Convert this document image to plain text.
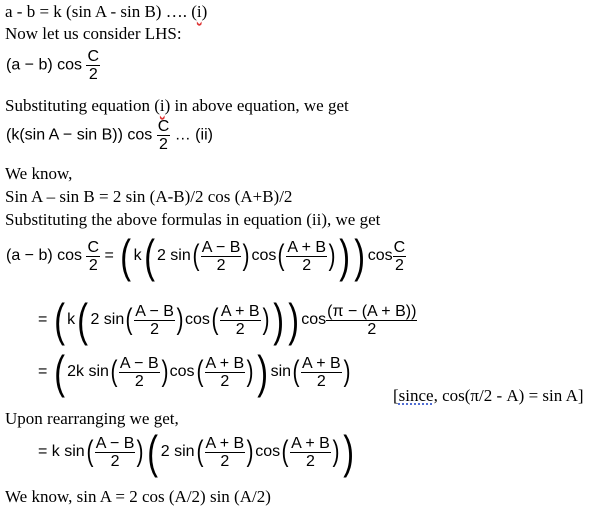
a - b = k (sin A - sin B) …. (i)
Now let us consider LHS:
(a − b) $\cos \frac{C}{2}$
Substituting equation (i) in above equation, we get
(k(sin A − sin B)) $\cos \frac{C}{2}$ … (ii)
We know,
Sin A – sin B = 2 sin (A-B)/2 cos (A+B)/2
Substituting the above formulas in equation (ii), we get
(a − b) $\cos \frac{C}{2}$ = ( k( 2 $\sin( \frac{A - B}{2} )\cos( \frac{A + B}{2}$ ))) $\cos \frac{C}{2}$
= ( k( 2 $\sin( \frac{A - B}{2} )\cos( \frac{A + B}{2}$ ))) $\cos \frac{(\pi - (A + B))}{2}$
= ( 2k $\sin( \frac{A - B}{2} )\cos( \frac{A + B}{2}$ )) $\sin( \frac{A + B}{2}$ )
[since, cos(π/2 - A) = sin A]
Upon rearranging we get,
= k $\sin( \frac{A - B}{2}$ )( 2 $\sin( \frac{A + B}{2} )\cos( \frac{A + B}{2}$ ))
We know, sin A = 2 cos (A/2) sin (A/2)
